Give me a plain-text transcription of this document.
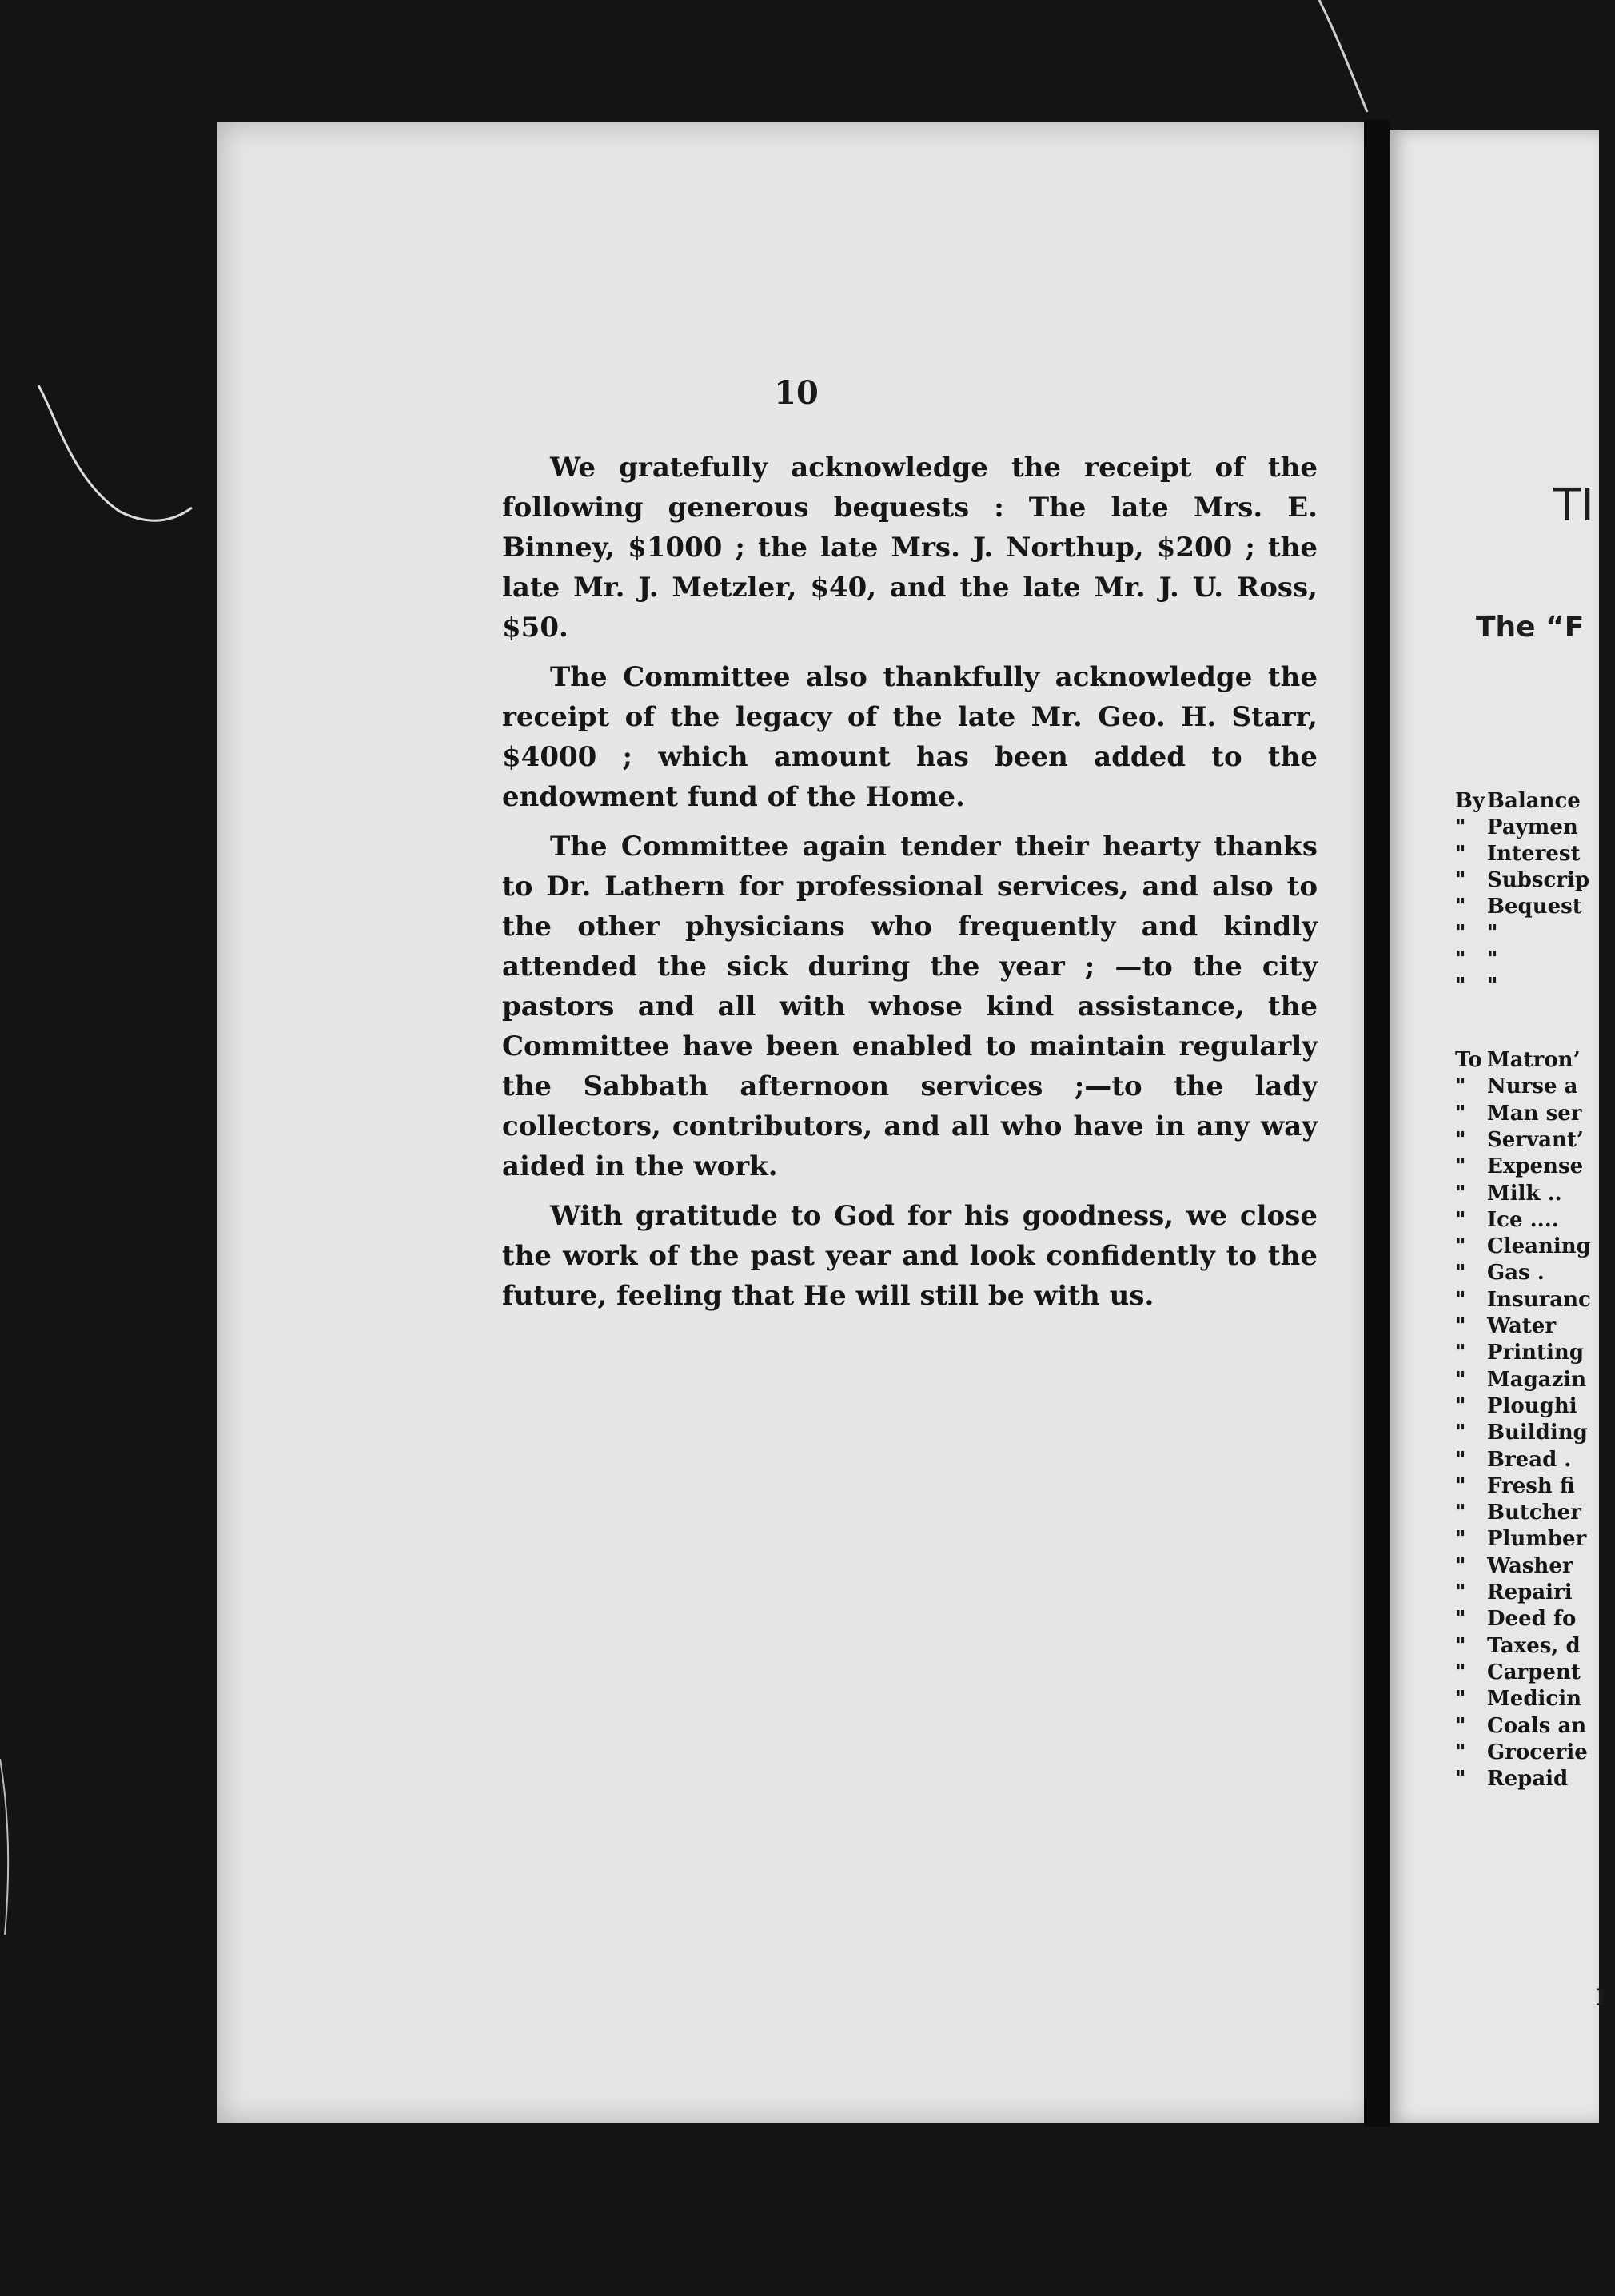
10

We gratefully acknowledge the receipt of the following generous bequests : The late Mrs. E. Binney, $1000 ; the late Mrs. J. Northup, $200 ; the late Mr. J. Metzler, $40, and the late Mr. J. U. Ross, $50.

The Committee also thankfully acknowledge the receipt of the legacy of the late Mr. Geo. H. Starr, $4000 ; which amount has been added to the endowment fund of the Home.

The Committee again tender their hearty thanks to Dr. Lathern for professional services, and also to the other physicians who frequently and kindly attended the sick during the year ; —to the city pastors and all with whose kind assistance, the Committee have been enabled to maintain regularly the Sabbath afternoon services ;—to the lady collectors, contributors, and all who have in any way aided in the work.

With gratitude to God for his goodness, we close the work of the past year and look confidently to the future, feeling that He will still be with us.

TI
The “F
By Balance
" Paymen
" Interest
" Subscrip
" Bequest
" "
" "
" "
To Matron’
" Nurse a
" Man ser
" Servant’
" Expense
" Milk ..
" Ice ....
" Cleaning
" Gas .
" Insuranc
" Water
" Printing
" Magazin
" Ploughi
" Building
" Bread .
" Fresh fi
" Butcher
" Plumber
" Washer
" Repairi
" Deed fo
" Taxes, d
" Carpent
" Medicin
" Coals an
" Grocerie
" Repaid
I
